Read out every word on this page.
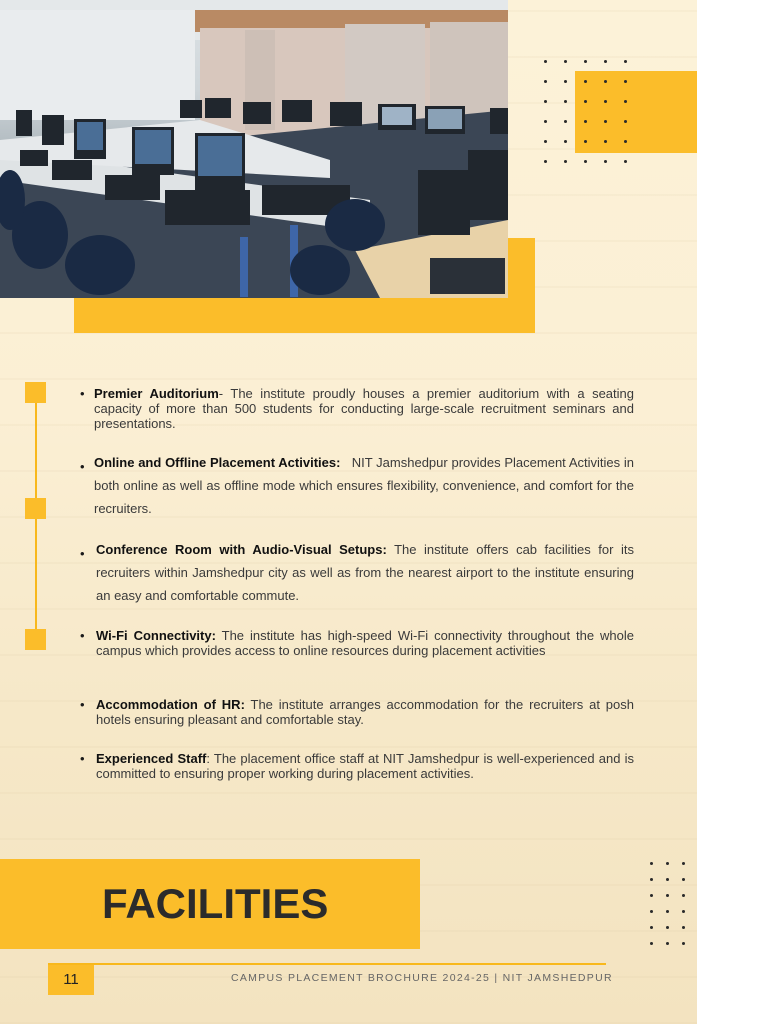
• Premier Auditorium- The institute proudly houses a premier auditorium with a seating capacity of more than 500 students for conducting large-scale recruitment seminars and presentations.
• Online and Offline Placement Activities: NIT Jamshedpur provides Placement Activities in both online as well as offline mode which ensures flexibility, convenience, and comfort for the recruiters.
• Conference Room with Audio-Visual Setups: The institute offers cab facilities for its recruiters within Jamshedpur city as well as from the nearest airport to the institute ensuring an easy and comfortable commute.
• Wi-Fi Connectivity: The institute has high-speed Wi-Fi connectivity throughout the whole campus which provides access to online resources during placement activities
• Accommodation of HR: The institute arranges accommodation for the recruiters at posh hotels ensuring pleasant and comfortable stay.
• Experienced Staff: The placement office staff at NIT Jamshedpur is well-experienced and is committed to ensuring proper working during placement activities.
FACILITIES
11	CAMPUS PLACEMENT BROCHURE 2024-25 | NIT JAMSHEDPUR
